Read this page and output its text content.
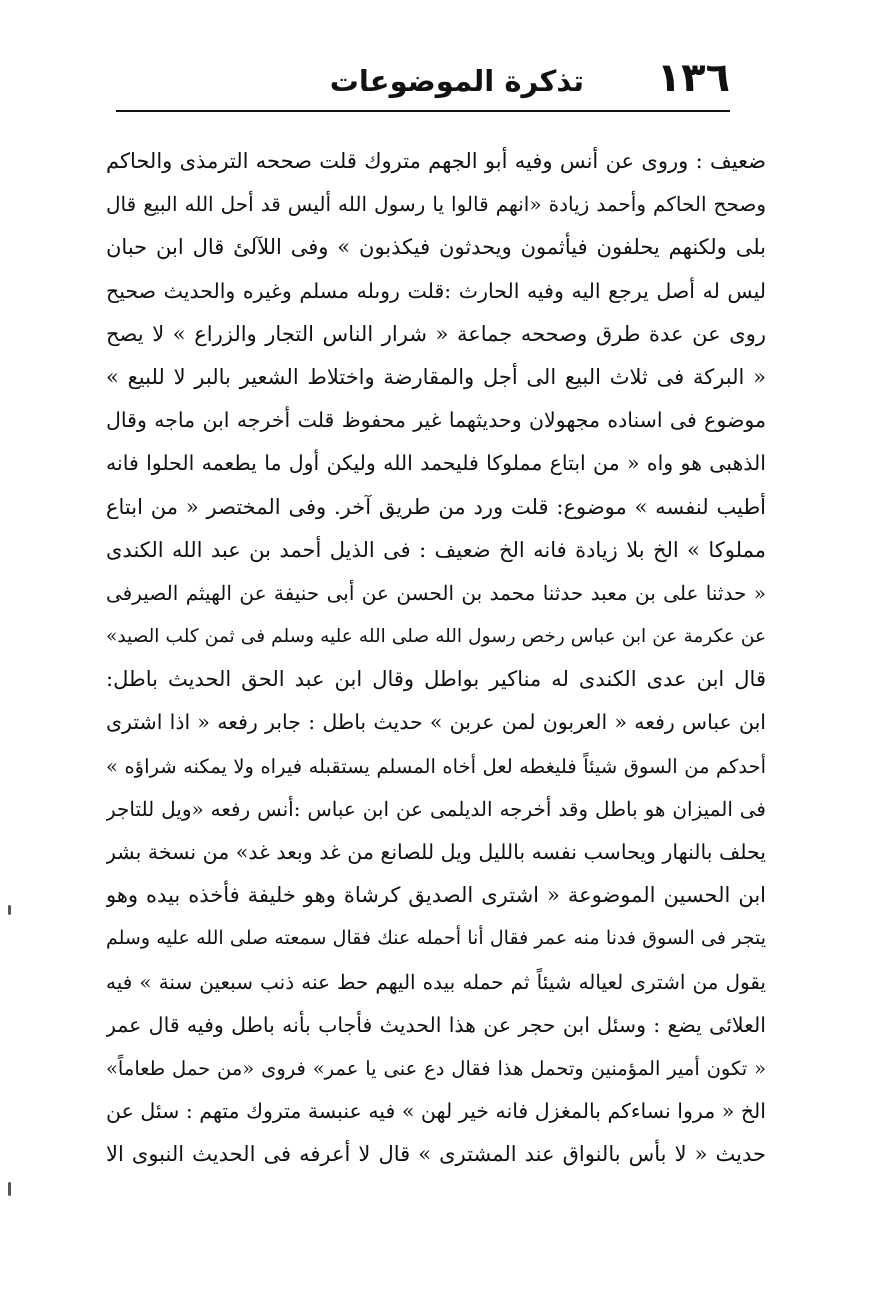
١٣٦
تذكرة الموضوعات
ضعيف : وروى عن أنس وفيه أبو الجهم متروك قلت صححه الترمذى والحاكم
وصحح الحاكم وأحمد زيادة «انهم قالوا يا رسول الله أليس قد أحل الله البيع قال
بلى ولكنهم يحلفون فيأثمون ويحدثون فيكذبون » وفى اللآلئ قال ابن حبان
ليس له أصل يرجع اليه وفيه الحارث :قلت روىله مسلم وغيره والحديث صحيح
روى عن عدة طرق وصححه جماعة « شرار الناس التجار والزراع » لا يصح
« البركة فى ثلاث البيع الى أجل والمقارضة واختلاط الشعير بالبر لا للبيع »
موضوع فى اسناده مجهولان وحديثهما غير محفوظ قلت أخرجه ابن ماجه وقال
الذهبى هو واه « من ابتاع مملوكا فليحمد الله وليكن أول ما يطعمه الحلوا فانه
أطيب لنفسه » موضوع: قلت ورد من طريق آخر. وفى المختصر « من ابتاع
مملوكا » الخ بلا زيادة فانه الخ ضعيف : فى الذيل أحمد بن عبد الله الكندى
« حدثنا على بن معبد حدثنا محمد بن الحسن عن أبى حنيفة عن الهيثم الصيرفى
عن عكرمة عن ابن عباس رخص رسول الله صلى الله عليه وسلم فى ثمن كلب الصيد»
قال ابن عدى الكندى له مناكير بواطل وقال ابن عبد الحق الحديث باطل:
ابن عباس رفعه « العربون لمن عربن » حديث باطل : جابر رفعه « اذا اشترى
أحدكم من السوق شيئاً فليغطه لعل أخاه المسلم يستقبله فيراه ولا يمكنه شراؤه »
فى الميزان هو باطل وقد أخرجه الديلمى عن ابن عباس :أنس رفعه «ويل للتاجر
يحلف بالنهار ويحاسب نفسه بالليل ويل للصانع من غد وبعد غد» من نسخة بشر
ابن الحسين الموضوعة « اشترى الصديق كرشاة وهو خليفة فأخذه بيده وهو
يتجر فى السوق فدنا منه عمر فقال أنا أحمله عنك فقال سمعته صلى الله عليه وسلم
يقول من اشترى لعياله شيئاً ثم حمله بيده اليهم حط عنه ذنب سبعين سنة » فيه
العلائى يضع : وسئل ابن حجر عن هذا الحديث فأجاب بأنه باطل وفيه قال عمر
« تكون أمير المؤمنين وتحمل هذا فقال دع عنى يا عمر» فروى «من حمل طعاماً»
الخ « مروا نساءكم بالمغزل فانه خير لهن » فيه عنبسة متروك متهم : سئل عن
حديث « لا بأس بالنواق عند المشترى » قال لا أعرفه فى الحديث النبوى الا
